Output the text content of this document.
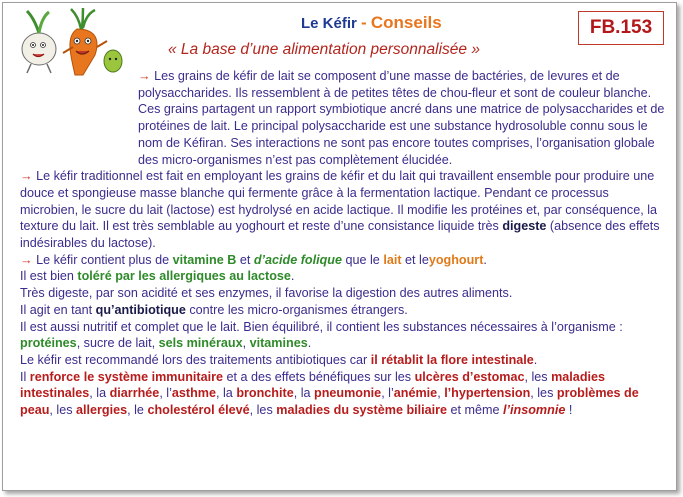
Le Kéfir - Conseils
« La base d’une alimentation personnalisée »
FB.153

→ Les grains de kéfir de lait se composent d’une masse de bactéries, de levures et de polysaccharides. Ils ressemblent à de petites têtes de chou-fleur et sont de couleur blanche. Ces grains partagent un rapport symbiotique ancré dans une matrice de polysaccharides et de protéines de lait. Le principal polysaccharide est une substance hydrosoluble connu sous le nom de Kéfiran. Ses interactions ne sont pas encore toutes comprises, l’organisation globale des micro-organismes n’est pas complètement élucidée.

→ Le kéfir traditionnel est fait en employant les grains de kéfir et du lait qui travaillent ensemble pour produire une douce et spongieuse masse blanche qui fermente grâce à la fermentation lactique. Pendant ce processus microbien, le sucre du lait (lactose) est hydrolysé en acide lactique. Il modifie les protéines et, par conséquence, la texture du lait. Il est très semblable au yoghourt et reste d’une consistance liquide très digeste (absence des effets indésirables du lactose).

→ Le kéfir contient plus de vitamine B et d’acide folique que le lait et leyoghourt.

Il est bien toléré par les allergiques au lactose.

Très digeste, par son acidité et ses enzymes, il favorise la digestion des autres aliments.

Il agit en tant qu’antibiotique contre les micro-organismes étrangers.

Il est aussi nutritif et complet que le lait. Bien équilibré, il contient les substances nécessaires à l’organisme : protéines, sucre de lait, sels minéraux, vitamines.

Le kéfir est recommandé lors des traitements antibiotiques car il rétablit la flore intestinale.

Il renforce le système immunitaire et a des effets bénéfiques sur les ulcères d’estomac, les maladies intestinales, la diarrhée, l’asthme, la bronchite, la pneumonie, l’anémie, l’hypertension, les problèmes de peau, les allergies, le cholestérol élevé, les maladies du système biliaire et même l’insomnie !
